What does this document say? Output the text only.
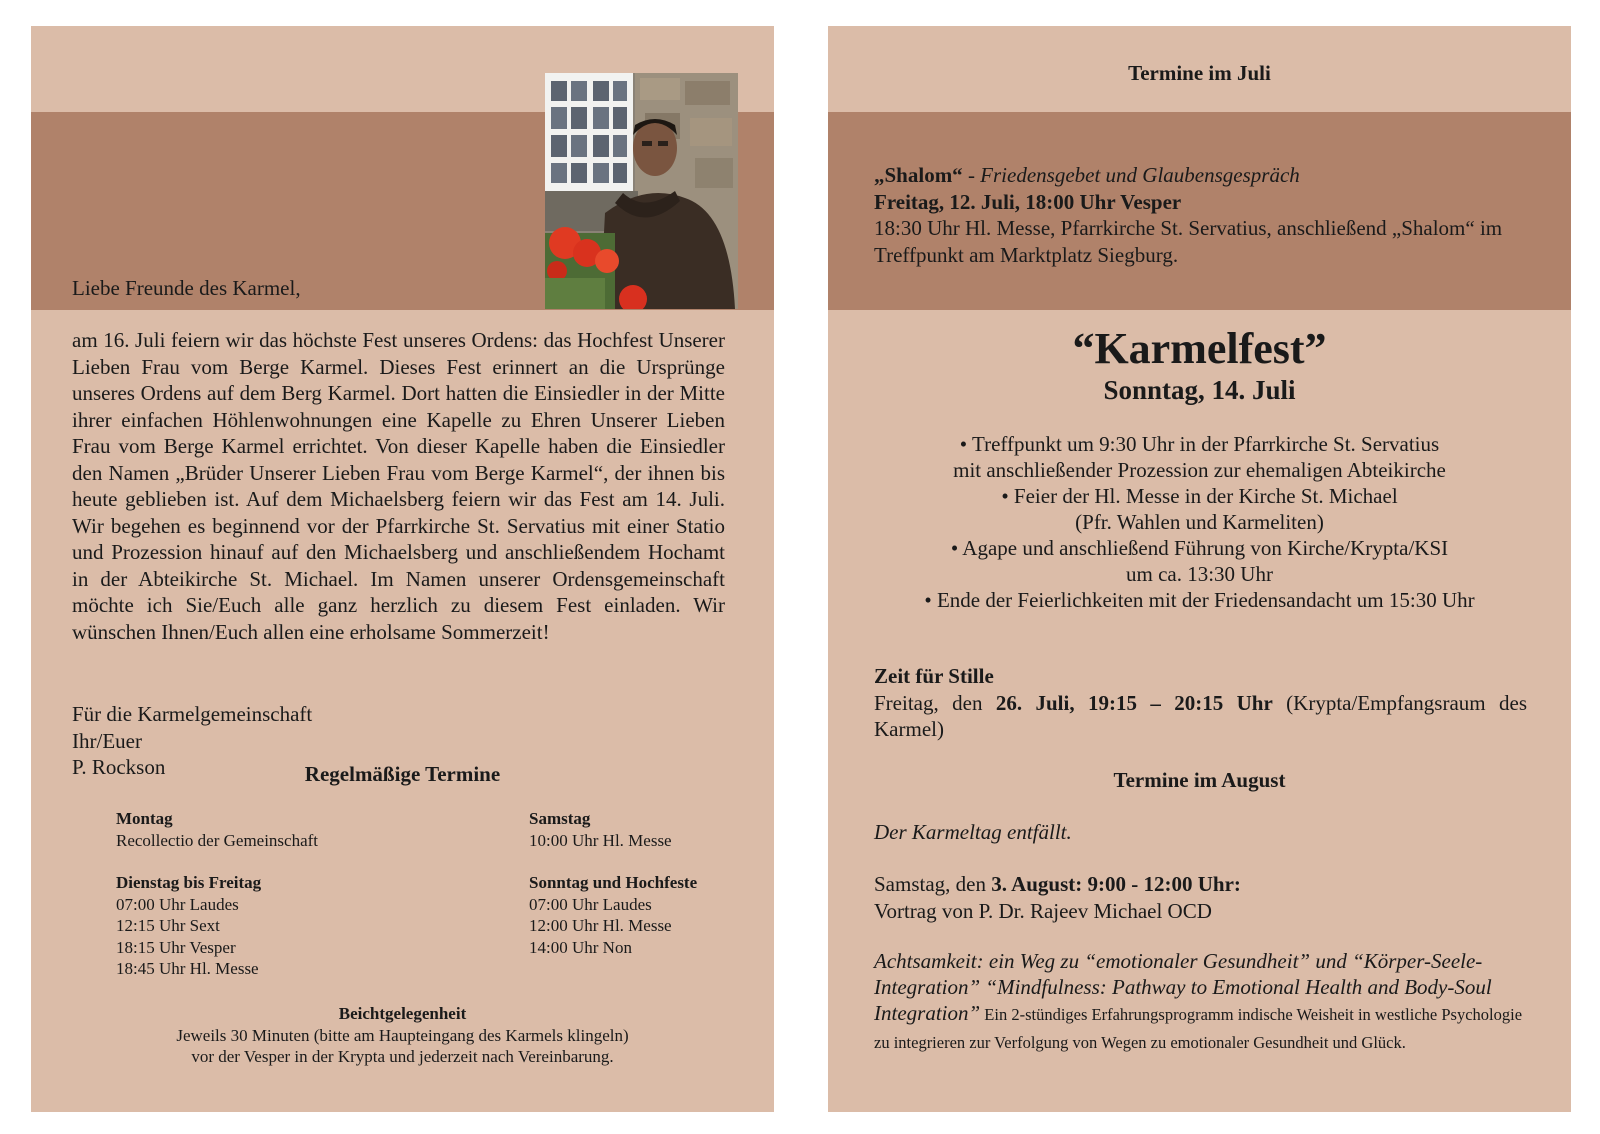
Liebe Freunde des Karmel,

am 16. Juli feiern wir das höchste Fest unseres Ordens: das Hochfest Unserer Lieben Frau vom Berge Karmel. Dieses Fest erinnert an die Ursprünge unseres Ordens auf dem Berg Karmel. Dort hatten die Einsiedler in der Mitte ihrer einfachen Höhlenwohnungen eine Kapelle zu Ehren Unserer Lieben Frau vom Berge Karmel errichtet. Von dieser Kapelle haben die Einsiedler den Namen „Brüder Unserer Lieben Frau vom Berge Karmel“, der ihnen bis heute geblieben ist. Auf dem Michaelsberg feiern wir das Fest am 14. Juli. Wir begehen es beginnend vor der Pfarrkirche St. Servatius mit einer Statio und Prozession hinauf auf den Michaelsberg und anschließendem Hochamt in der Abteikirche St. Michael. Im Namen unserer Ordensgemeinschaft möchte ich Sie/Euch alle ganz herzlich zu diesem Fest einladen. Wir wünschen Ihnen/Euch allen eine erholsame Sommerzeit!

Für die Karmelgemeinschaft
Ihr/Euer
P. Rockson	Regelmäßige Termine
Montag
Recollectio der Gemeinschaft
Dienstag bis Freitag
07:00 Uhr Laudes
12:15 Uhr Sext
18:15 Uhr Vesper
18:45 Uhr Hl. Messe
Samstag
10:00 Uhr Hl. Messe
Sonntag und Hochfeste
07:00 Uhr Laudes
12:00 Uhr Hl. Messe
14:00 Uhr Non
Beichtgelegenheit
Jeweils 30 Minuten (bitte am Haupteingang des Karmels klingeln)
vor der Vesper in der Krypta und jederzeit nach Vereinbarung.
Termine im Juli
„Shalom“ - Friedensgebet und Glaubensgespräch
Freitag, 12. Juli, 18:00 Uhr Vesper
18:30 Uhr Hl. Messe, Pfarrkirche St. Servatius, anschließend „Shalom“ im Treffpunkt am Marktplatz Siegburg.
“Karmelfest”
Sonntag, 14. Juli
• Treffpunkt um 9:30 Uhr in der Pfarrkirche St. Servatius
mit anschließender Prozession zur ehemaligen Abteikirche
• Feier der Hl. Messe in der Kirche St. Michael
(Pfr. Wahlen und Karmeliten)
• Agape und anschließend Führung von Kirche/Krypta/KSI
um ca. 13:30 Uhr
• Ende der Feierlichkeiten mit der Friedensandacht um 15:30 Uhr
Zeit für Stille
Freitag, den 26. Juli, 19:15 – 20:15 Uhr (Krypta/Empfangsraum des Karmel)
Termine im August
Der Karmeltag entfällt.
Samstag, den 3. August: 9:00 - 12:00 Uhr:
Vortrag von P. Dr. Rajeev Michael OCD
Achtsamkeit: ein Weg zu “emotionaler Gesundheit” und “Körper-Seele-Integration” “Mindfulness: Pathway to Emotional Health and Body-Soul Integration” Ein 2-stündiges Erfahrungsprogramm indische Weisheit in westliche Psychologie zu integrieren zur Verfolgung von Wegen zu emotionaler Gesundheit und Glück.
